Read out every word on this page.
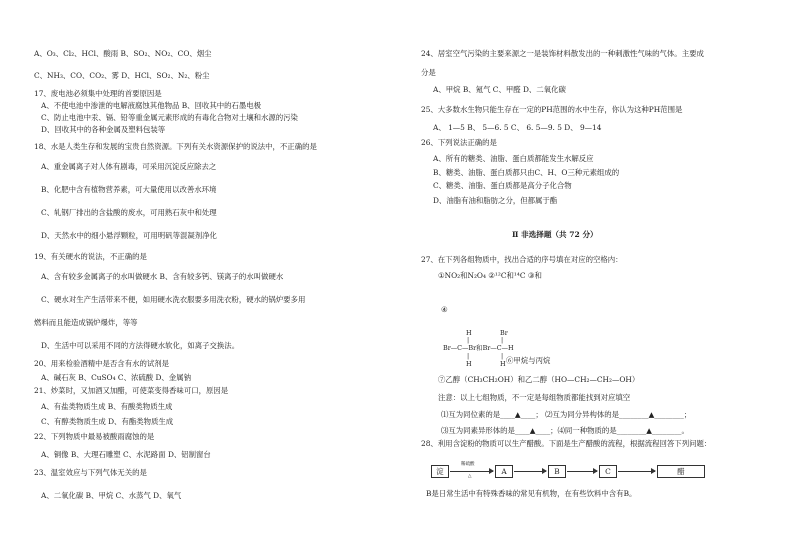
A、O₃、Cl₂、HCl、酸雨 B、SO₂、NO₂、CO、烟尘
C、NH₃、CO、CO₂、雾 D、HCl、SO₂、N₂、粉尘
17、废电池必须集中处理的首要原因是
A、不使电池中渗泄的电解液腐蚀其他物品 B、回收其中的石墨电极
C、防止电池中汞、镉、铅等重金属元素形成的有毒化合物对土壤和水源的污染
D、回收其中的各种金属及塑料包装等
18、水是人类生存和发展的宝贵自然资源。下列有关水资源保护的说法中，不正确的是
A、重金属离子对人体有剧毒，可采用沉淀反应除去之
B、化肥中含有植物营养素，可大量使用以改善水环境
C、轧钢厂排出的含盐酸的废水，可用熟石灰中和处理
D、天然水中的细小悬浮颗粒，可用明矾等混凝剂净化
19、有关硬水的说法，不正确的是
A、含有较多金属离子的水叫做硬水 B、含有较多钙、镁离子的水叫做硬水
C、硬水对生产生活带来不便，如用硬水洗衣服要多用洗衣粉，硬水的锅炉要多用
燃料而且能造成锅炉爆炸，等等
D、生活中可以采用不同的方法得硬水软化，如离子交换法。
20、用来检验酒精中是否含有水的试剂是
A、碱石灰 B、CuSO₄ C、浓硫酸 D、金属钠
21、炒菜时，又加酒又加醋，可使菜变得香味可口，原因是
A、有盐类物质生成 B、有酸类物质生成
C、有醇类物质生成 D、有酯类物质生成
22、下列物质中最易被酸雨腐蚀的是
A、铜像 B、大理石雕塑 C、水泥路面 D、铝制窗台
23、温室效应与下列气体无关的是
A、二氧化碳 B、甲烷 C、水蒸气 D、氧气
Ⅱ 非选择题（共 72 分）
H	Br
|	|
Br—C—Br和Br—C—H
|	|
H	H
淀
稀硫酸
△
A	B	C	醋
24、居室空气污染的主要来源之一是装饰材料散发出的一种刺激性气味的气体。主要成
分是
A、甲烷 B、氪气 C、甲醛 D、二氧化碳
25、大多数水生物只能生存在一定的PH范围的水中生存，你认为这种PH范围是
A、 1—5 B、 5—6. 5 C、 6. 5—9. 5 D、 9—14
26、下列说法正确的是
A、所有的糖类、油脂、蛋白质都能发生水解反应
B、糖类、油脂、蛋白质都只由C、H、O三种元素组成的
C、糖类、油脂、蛋白质都是高分子化合物
D、油脂有油和脂肪之分，但都属于酯
27、在下列各组物质中，找出合适的序号填在对应的空格内：
①NO₂和N₂O₄ ②¹²C和¹⁴C ③和
④
⑥甲烷与丙烷
⑦乙醇（CH₃CH₂OH）和乙二醇（HO—CH₂—CH₂—OH）
注意：以上七组物质，不一定是每组物质都能找到对应填空
⑴互为同位素的是____▲____； ⑵互为同分异构体的是________▲________；
⑶互为同素异形体的是____▲____；⑷同一种物质的是________▲________。
28、利用含淀粉的物质可以生产醋酸。下面是生产醋酸的流程，根据流程回答下列问题：
B是日常生活中有特殊香味的常见有机物，在有些饮料中含有B。
